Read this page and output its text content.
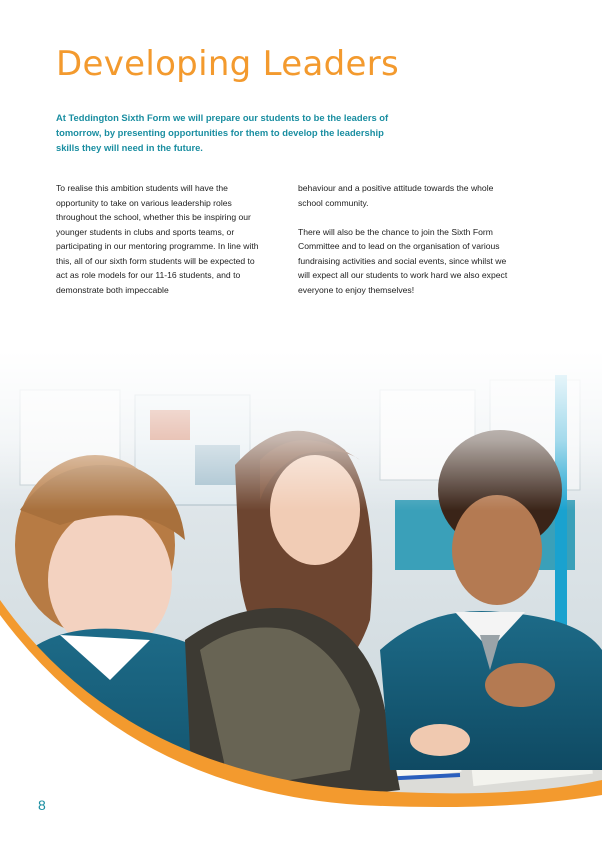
Developing Leaders

At Teddington Sixth Form we will prepare our students to be the leaders of tomorrow, by presenting opportunities for them to develop the leadership skills they will need in the future.

To realise this ambition students will have the opportunity to take on various leadership roles throughout the school, whether this be inspiring our younger students in clubs and sports teams, or participating in our mentoring programme. In line with this, all of our sixth form students will be expected to act as role models for our 11-16 students, and to demonstrate both impeccable

behaviour and a positive attitude towards the whole school community.

There will also be the chance to join the Sixth Form Committee and to lead on the organisation of various fundraising activities and social events, since whilst we will expect all our students to work hard we also expect everyone to enjoy themselves!

8
